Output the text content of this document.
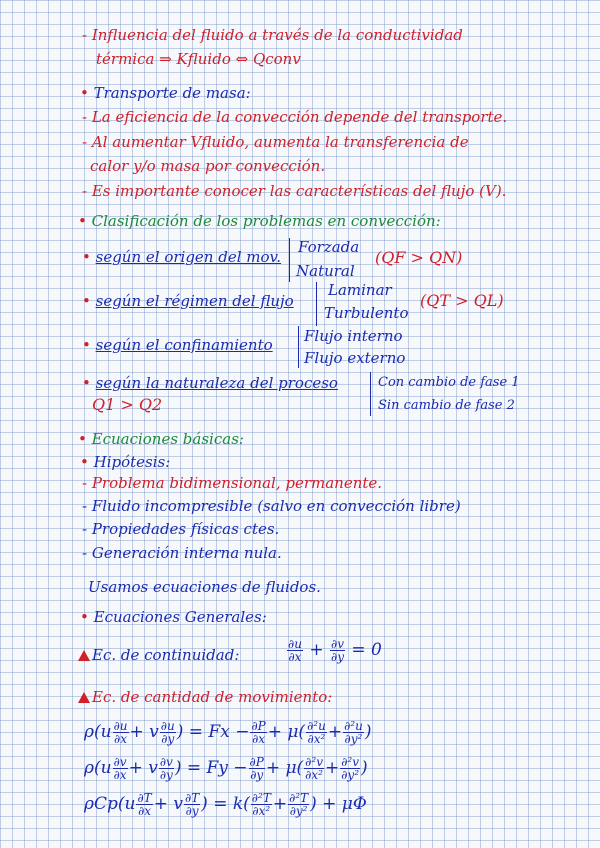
- Influencia del fluido a través de la conductividad
térmica ⇒ Kfluido ⇔ Qconv
• Transporte de masa:
- La eficiencia de la convección depende del transporte.
- Al aumentar Vfluido, aumenta la transferencia de
calor y/o masa por convección.
- Es importante conocer las características del flujo (V).
• Clasificación de los problemas en convección:
• según el origen del mov.
Forzada
Natural
(QF > QN)
• según el régimen del flujo
Laminar
Turbulento
(QT > QL)
• según el confinamiento Flujo interno
Flujo externo
• según la naturaleza del proceso	Con cambio de fase 1
Sin cambio de fase 2
Q1 > Q2
• Ecuaciones básicas:
• Hipótesis:
- Problema bidimensional, permanente.
- Fluido incompresible (salvo en convección libre)
- Propiedades físicas ctes.
- Generación interna nula.
Usamos ecuaciones de fluidos.
• Ecuaciones Generales:
Ec. de continuidad:	$\frac{\partial u}{\partial x} + \frac{\partial v}{\partial y} = 0$
Ec. de cantidad de movimiento:
$\rho(u \frac{\partial u}{\partial x} + v \frac{\partial u}{\partial y}$ ) = $Fx - \frac{\partial P}{\partial x} + \mu( \frac{\text{∂²u}}{\text{∂x²}} + \frac{\text{∂²u}}{\text{∂y²}}$ )
$\rho(u \frac{\partial v}{\partial x} + v \frac{\partial v}{\partial y}$ ) = $Fy - \frac{\partial P}{\partial y} + \mu( \frac{\text{∂²v}}{\text{∂x²}} + \frac{\text{∂²v}}{\text{∂y²}}$ )
$\rho Cp(u \frac{\partial T}{\partial x} + v \frac{\partial T}{\partial y}$ ) = $k( \frac{\text{∂²T}}{\text{∂x²}} + \frac{\text{∂²T}}{\text{∂y²}}$ ) + μΦ
